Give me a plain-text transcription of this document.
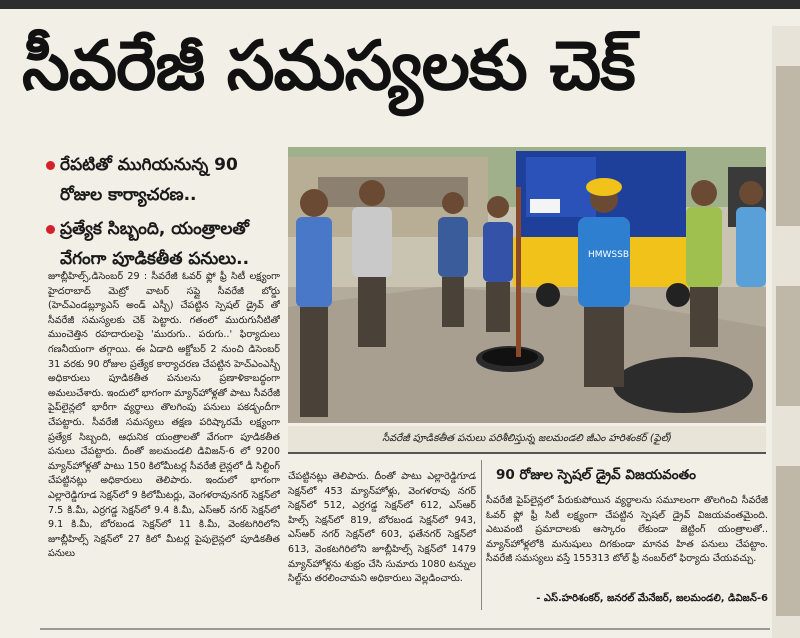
సీవరేజీ సమస్యలకు చెక్
రేపటితో ముగియనున్న 90 రోజుల కార్యాచరణ..
ప్రత్యేక సిబ్బంది, యంత్రాలతో వేగంగా పూడికతీత పనులు..
జూబ్లీహిల్స్,డిసెంబర్ 29 : సీవరేజీ ఓవర్ ఫ్లో ఫ్రీ సిటీ లక్ష్యంగా హైదరాబాద్ మెట్రో వాటర్ సప్లై సీవరేజీ బోర్డు (హెచ్ఎండబ్ల్యూఎస్ అండ్ ఎస్బీ) చేపట్టిన స్పెషల్ డ్రైవ్ తో సీవరేజీ సమస్యలకు చెక్ పెట్టారు. గతంలో మురుగునీటితో ముంచెత్తిన రహదారులపై 'మురుగు.. పరుగు..' ఫిర్యాదులు గణనీయంగా తగ్గాయి. ఈ ఏడాది అక్టోబర్ 2 నుంచి డిసెంబర్ 31 వరకు 90 రోజుల ప్రత్యేక కార్యాచరణ చేపట్టిన హెచ్ఎంఎస్బీ అధికారులు పూడికతీత పనులను ప్రణాళికాబద్ధంగా అమలుచేశారు. ఇందులో భాగంగా మ్యాన్‌హోళ్లతో పాటు సీవరేజీ పైప్‌లైన్లలో భారీగా వ్యర్థాలు తొలగింపు పనులు పకడ్బందీగా చేపట్టారు. సీవరేజీ సమస్యలు తక్షణ పరిష్కారమే లక్ష్యంగా ప్రత్యేక సిబ్బంది, ఆధునిక యంత్రాలతో వేగంగా పూడికతీత పనులు చేపట్టారు. దీంతో జలమండలి డివిజన్-6 లో 9200 మ్యాన్‌హోళ్లతో పాటు 150 కిలోమీటర్ల సీవరేజీ లైన్లలో డీ సిల్టింగ్ చేపట్టినట్లు అధికారులు తెలిపారు. ఇందులో భాగంగా ఎల్లారెడ్డిగూడ సెక్షన్‌లో 9 కిలోమీటర్లు, వెంగళరావునగర్ సెక్షన్‌లో 7.5 కి.మీ, ఎర్రగడ్డ సెక్షన్‌లో 9.4 కి.మీ, ఎస్ఆర్ నగర్ సెక్షన్‌లో 9.1 కి.మీ, బోరబండ సెక్షన్‌లో 11 కి.మీ, వెంకటగిరిలోని జూబ్లీహిల్స్ సెక్షన్‌లో 27 కిలో మీటర్ల పైపులైన్లలో పూడికతీత పనులు
HMWSSB
సీవరేజీ పూడికతీత పనులు పరిశీలిస్తున్న జలమండలి జీఎం హరిశంకర్ (ఫైల్)
చేపట్టినట్లు తెలిపారు. దీంతో పాటు ఎల్లారెడ్డిగూడ సెక్షన్‌లో 453 మ్యాన్‌హోళ్లు, వెంగళరావు నగర్ సెక్షన్‌లో 512, ఎర్రగడ్డ సెక్షన్‌లో 612, ఎస్ఆర్ హిల్స్ సెక్షన్‌లో 819, బోరబండ సెక్షన్‌లో 943, ఎస్ఆర్ నగర్ సెక్షన్‌లో 603, ఫతేనగర్ సెక్షన్‌లో 613, వెంకటగిరిలోని జూబ్లీహిల్స్ సెక్షన్‌లో 1479 మ్యాన్‌హోళ్లను శుభ్రం చేసి సుమారు 1080 టన్నుల సిల్ట్‌ను తరలించామని అధికారులు వెల్లడించారు.
90 రోజుల స్పెషల్ డ్రైవ్ విజయవంతం
సీవరేజీ పైప్‌లైన్లలో పేరుకుపోయిన వ్యర్థాలను సమూలంగా తొలగించి సీవరేజీ ఓవర్ ఫ్లో ఫ్రీ సిటీ లక్ష్యంగా చేపట్టిన స్పెషల్ డ్రైవ్ విజయవంతమైంది. ఎటువంటి ప్రమాదాలకు ఆస్కారం లేకుండా జెట్టింగ్ యంత్రాలతో.. మ్యాన్‌హోళ్లలోకి మనుషులు దిగకుండా మానవ హిత పనులు చేపట్టాం. సీవరేజీ సమస్యలు వస్తే 155313 టోల్ ఫ్రీ నంబర్‌లో ఫిర్యాదు చేయవచ్చు.
- ఎస్.హరిశంకర్, జనరల్ మేనేజర్, జలమండలి, డివిజన్-6
